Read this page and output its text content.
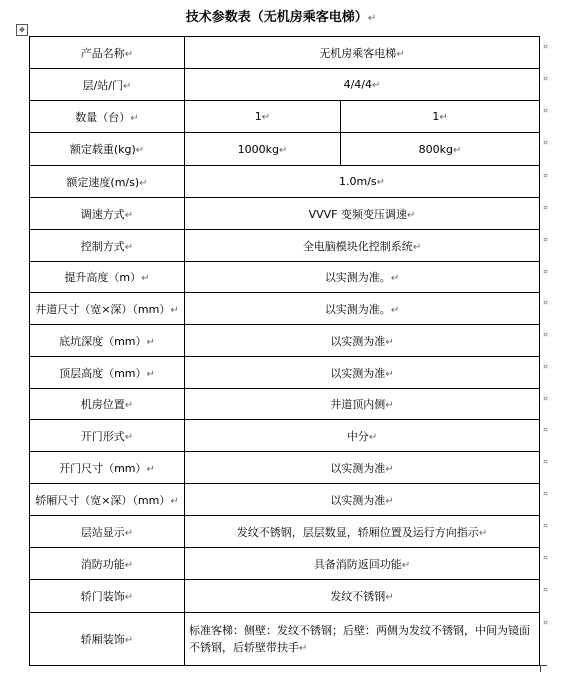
技术参数表（无机房乘客电梯）↵
✥
产品名称↵	无机房乘客电梯↵	
层/站/门↵	4/4/4↵	
数量（台）↵	1↵	1↵
额定载重(kg)↵	1000kg↵	800kg↵
额定速度(m/s)↵	1.0m/s↵	
调速方式↵	VVVF 变频变压调速↵	
控制方式↵	全电脑模块化控制系统↵	
提升高度（m）↵	以实测为准。↵	
井道尺寸（宽×深）（mm）↵	以实测为准。↵	
底坑深度（mm）↵	以实测为准↵	
顶层高度（mm）↵	以实测为准↵	
机房位置↵	井道顶内侧↵	
开门形式↵	中分↵	
开门尺寸（mm）↵	以实测为准↵	
轿厢尺寸（宽×深）（mm）↵	以实测为准↵	
层站显示↵	发纹不锈钢，层层数显，轿厢位置及运行方向指示↵	
消防功能↵	具备消防返回功能↵	
轿门装饰↵	发纹不锈钢↵	
轿厢装饰↵	标准客梯：侧壁：发纹不锈钢；后壁：两侧为发纹不锈钢，中间为镜面不锈钢，后轿壁带扶手↵	
¤
¤
¤
¤
¤
¤
¤
¤
¤
¤
¤
¤
¤
¤
¤
¤
¤
¤
¤
